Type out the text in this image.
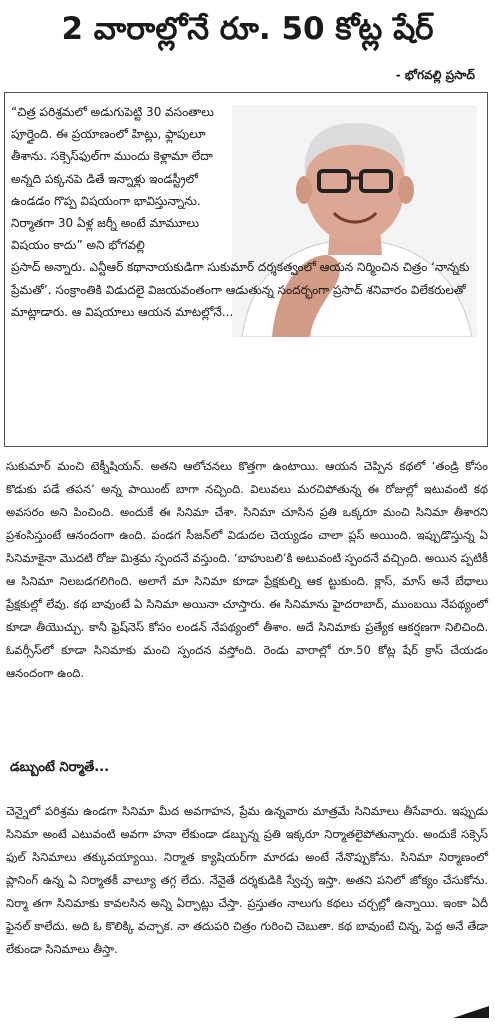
2 వారాల్లోనే రూ. 50 కోట్ల షేర్
- భోగవల్లి ప్రసాద్
“చిత్ర పరిశ్రమలో అడుగుపెట్టి 30 వసంతాలు పూర్తైంది. ఈ ప్రయాణంలో హిట్లు, ఫ్లాపులూ తీశాను. సక్సెస్‌ఫుల్‌గా ముందు కెళ్లామా లేదా అన్నది పక్కనపె డితే ఇన్నాళ్లు ఇండస్ట్రీలో ఉండడం గొప్ప విషయంగా భావిస్తున్నాను. నిర్మాతగా 30 ఏళ్ల జర్నీ అంటే మామూలు విషయం కాదు” అని భోగవల్లి
ప్రసాద్ అన్నారు. ఎన్టీఆర్ కథానాయకుడిగా సుకుమార్ దర్శకత్వంలో ఆయన నిర్మించిన చిత్రం ‘నాన్నకు ప్రేమతో’. సంక్రాంతికి విడుదలై విజయవంతంగా ఆడుతున్న సందర్భంగా ప్రసాద్ శనివారం విలేకరులతో మాట్లాడారు. ఆ విషయాలు ఆయన మాటల్లోనే...
సుకుమార్ మంచి టెక్నీషియన్. అతని ఆలోచనలు కొత్తగా ఉంటాయి. ఆయన చెప్పిన కథలో ‘తండ్రి కోసం కొడుకు పడే తపన’ అన్న పాయింట్ బాగా నచ్చింది. విలువలు మరచిపోతున్న ఈ రోజుల్లో ఇటువంటి కథ అవసరం అని పించింది. అందుకే ఈ సినిమా చేశా. సినిమా చూసిన ప్రతి ఒక్కరూ మంచి సినిమా తీశారని ప్రశంసిస్తుంటే ఆనందంగా ఉంది. పండగ సీజన్‌లో విడుదల చెయ్యడం చాలా ప్లస్ అయింది. ఇప్పుడొస్తున్న ఏ సినిమాకైనా మొదటి రోజు మిశ్రమ స్పందనే వస్తుంది. ‘బాహుబలి’కి అటువంటి స్పందనే వచ్చింది. అయిన ప్పటికీ ఆ సినిమా నిలబడగలిగింది. అలాగే మా సినిమా కూడా ప్రేక్షకుల్ని ఆక ట్టుకుంది. క్లాస్, మాస్ అనే బేధాలు ప్రేక్షకుల్లో లేవు. కథ బావుంటే ఏ సినిమా అయినా చూస్తారు. ఈ సినిమాను హైదరాబాద్, ముంబయి నేపథ్యంలో కూడా తీయొచ్చు. కానీ ఫ్రెష్‌నెస్ కోసం లండన్ నేపథ్యంలో తీశాం. అదే సినిమాకు ప్రత్యేక ఆకర్షణగా నిలిచింది. ఓవర్సీస్‌లో కూడా సినిమాకు మంచి స్పందన వస్తోంది. రెండు వారాల్లో రూ.50 కోట్ల షేర్ క్రాస్ చేయడం ఆనందంగా ఉంది.
డబ్బుంటే నిర్మాతే...
చెన్నైలో పరిశ్రమ ఉండగా సినిమా మీద అవగాహన, ప్రేమ ఉన్నవారు మాత్రమే సినిమాలు తీసేవారు. ఇప్పుడు సినిమా అంటే ఎటువంటి అవగా హనా లేకుండా డబ్బున్న ప్రతి ఇక్కరూ నిర్మాతలైపోతున్నారు. అందుకే సక్సెస్ ఫుల్ సినిమాలు తక్కువయ్యాయి. నిర్మాత క్యాషియర్‌గా మారడు అంటే నేనొప్పుకోను. సినిమా నిర్మాణంలో ప్లానింగ్ ఉన్న ఏ నిర్మాతకీ వాల్యూ తగ్గ లేదు. నేనైతే దర్శకుడికి స్వేచ్ఛ ఇస్తా. అతని పనిలో జోక్యం చేసుకోను. నిర్మా తగా సినిమాకు కావలసిన అన్ని ఏర్పాట్లు చేస్తా. ప్రస్తుతం నాలుగు కథలు చర్చల్లో ఉన్నాయి. ఇంకా ఏదీ ఫైనల్ కాలేదు. అది ఓ కొలిక్కి వచ్చాక. నా తదుపరి చిత్రం గురించి చెబుతా. కథ బావుంటే చిన్న, పెద్ద అనే తేడా లేకుండా సినిమాలు తీస్తా.
